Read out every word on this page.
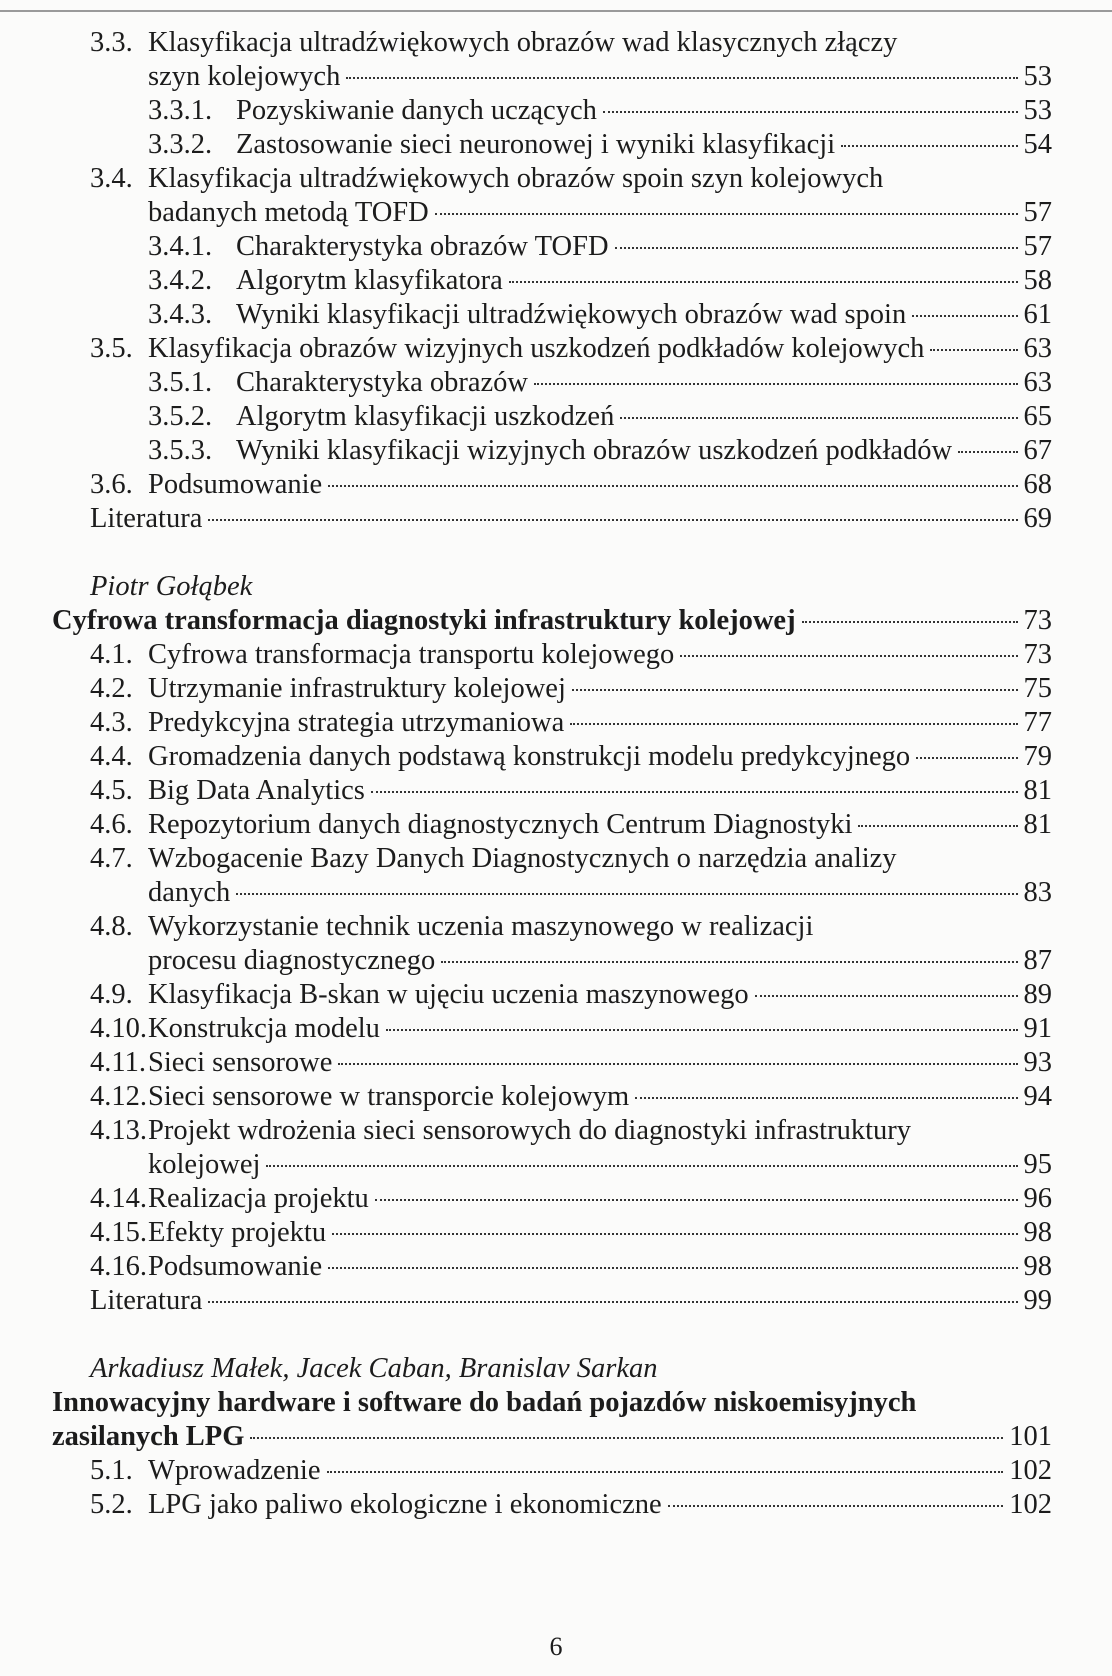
3.3. Klasyfikacja ultradźwiękowych obrazów wad klasycznych złączy
szyn kolejowych	53
3.3.1. Pozyskiwanie danych uczących	53
3.3.2. Zastosowanie sieci neuronowej i wyniki klasyfikacji	54
3.4. Klasyfikacja ultradźwiękowych obrazów spoin szyn kolejowych
badanych metodą TOFD	57
3.4.1. Charakterystyka obrazów TOFD	57
3.4.2. Algorytm klasyfikatora	58
3.4.3. Wyniki klasyfikacji ultradźwiękowych obrazów wad spoin	61
3.5. Klasyfikacja obrazów wizyjnych uszkodzeń podkładów kolejowych	63
3.5.1. Charakterystyka obrazów	63
3.5.2. Algorytm klasyfikacji uszkodzeń	65
3.5.3. Wyniki klasyfikacji wizyjnych obrazów uszkodzeń podkładów	67
3.6. Podsumowanie	68
Literatura	69
Piotr Gołąbek
Cyfrowa transformacja diagnostyki infrastruktury kolejowej	73
4.1. Cyfrowa transformacja transportu kolejowego	73
4.2. Utrzymanie infrastruktury kolejowej	75
4.3. Predykcyjna strategia utrzymaniowa	77
4.4. Gromadzenia danych podstawą konstrukcji modelu predykcyjnego	79
4.5. Big Data Analytics	81
4.6. Repozytorium danych diagnostycznych Centrum Diagnostyki	81
4.7. Wzbogacenie Bazy Danych Diagnostycznych o narzędzia analizy
danych	83
4.8. Wykorzystanie technik uczenia maszynowego w realizacji
procesu diagnostycznego	87
4.9. Klasyfikacja B-skan w ujęciu uczenia maszynowego	89
4.10. Konstrukcja modelu	91
4.11. Sieci sensorowe	93
4.12. Sieci sensorowe w transporcie kolejowym	94
4.13.Projekt wdrożenia sieci sensorowych do diagnostyki infrastruktury
kolejowej	95
4.14. Realizacja projektu	96
4.15. Efekty projektu	98
4.16. Podsumowanie	98
Literatura	99
Arkadiusz Małek, Jacek Caban, Branislav Sarkan
Innowacyjny hardware i software do badań pojazdów niskoemisyjnych
zasilanych LPG	101
5.1. Wprowadzenie	102
5.2. LPG jako paliwo ekologiczne i ekonomiczne	102
6
